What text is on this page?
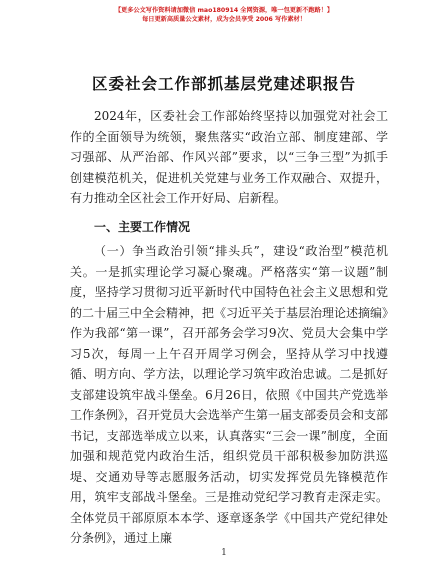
【更多公文写作资料请加微信 mao180914 全网资源，唯一包更新不跑路！】
每日更新高质量公文素材，成为会员享受 2006 写作素材！
区委社会工作部抓基层党建述职报告

2024年，区委社会工作部始终坚持以加强党对社会工作的全面领导为统领，聚焦落实“政治立部、制度建部、学习强部、从严治部、作风兴部”要求，以“三争三型”为抓手创建模范机关，促进机关党建与业务工作双融合、双提升，有力推动全区社会工作开好局、启新程。

一、主要工作情况

（一）争当政治引领“排头兵”，建设“政治型”模范机关。一是抓实理论学习凝心聚魂。严格落实“第一议题”制度，坚持学习贯彻习近平新时代中国特色社会主义思想和党的二十届三中全会精神，把《习近平关于基层治理论述摘编》作为我部“第一课”，召开部务会学习9次、党员大会集中学习5次，每周一上午召开周学习例会，坚持从学习中找遵循、明方向、学方法，以理论学习筑牢政治忠诚。二是抓好支部建设筑牢战斗堡垒。6月26日，依照《中国共产党选举工作条例》，召开党员大会选举产生第一届支部委员会和支部书记，支部选举成立以来，认真落实“三会一课”制度，全面加强和规范党内政治生活，组织党员干部积极参加防洪巡堤、交通劝导等志愿服务活动，切实发挥党员先锋模范作用，筑牢支部战斗堡垒。三是推动党纪学习教育走深走实。全体党员干部原原本本学、逐章逐条学《中国共产党纪律处分条例》，通过上廉

1
